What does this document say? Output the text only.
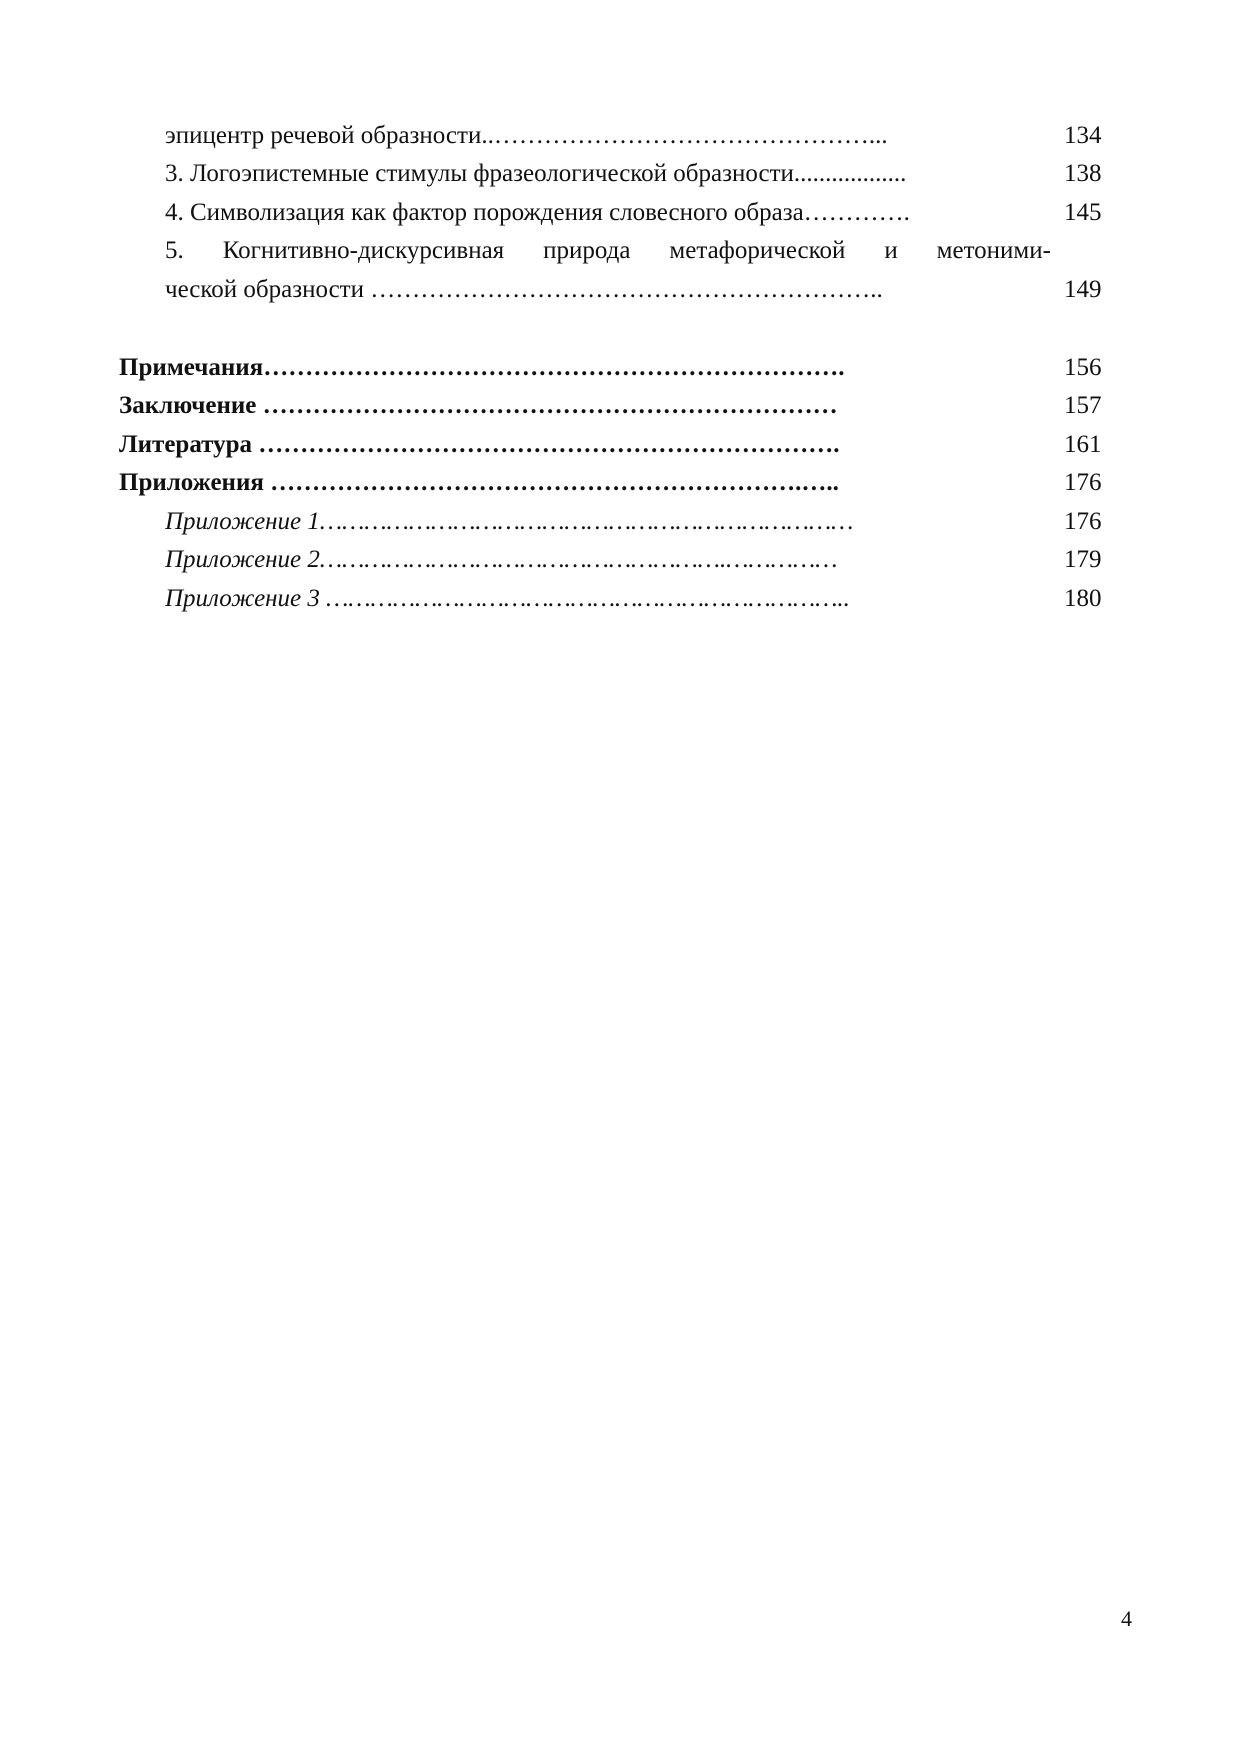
эпицентр речевой образности..………………………………………...	134
3. Логоэпистемные стимулы фразеологической образности..................	138
4. Символизация как фактор порождения словесного образа………….	145
5. Когнитивно-дискурсивная природа метафорической и метоними-
ческой образности ……………………………………………………..	149
Примечания…………………………………………………………….	156
Заключение ……………………………………………………………	157
Литература …………………………………………………………….	161
Приложения ……………………………………………………….…..	176
Приложение 1………………………………………………………………	176
Приложение 2……………………………………………….……………	179
Приложение 3 ……………………………………………………………..	180
4
